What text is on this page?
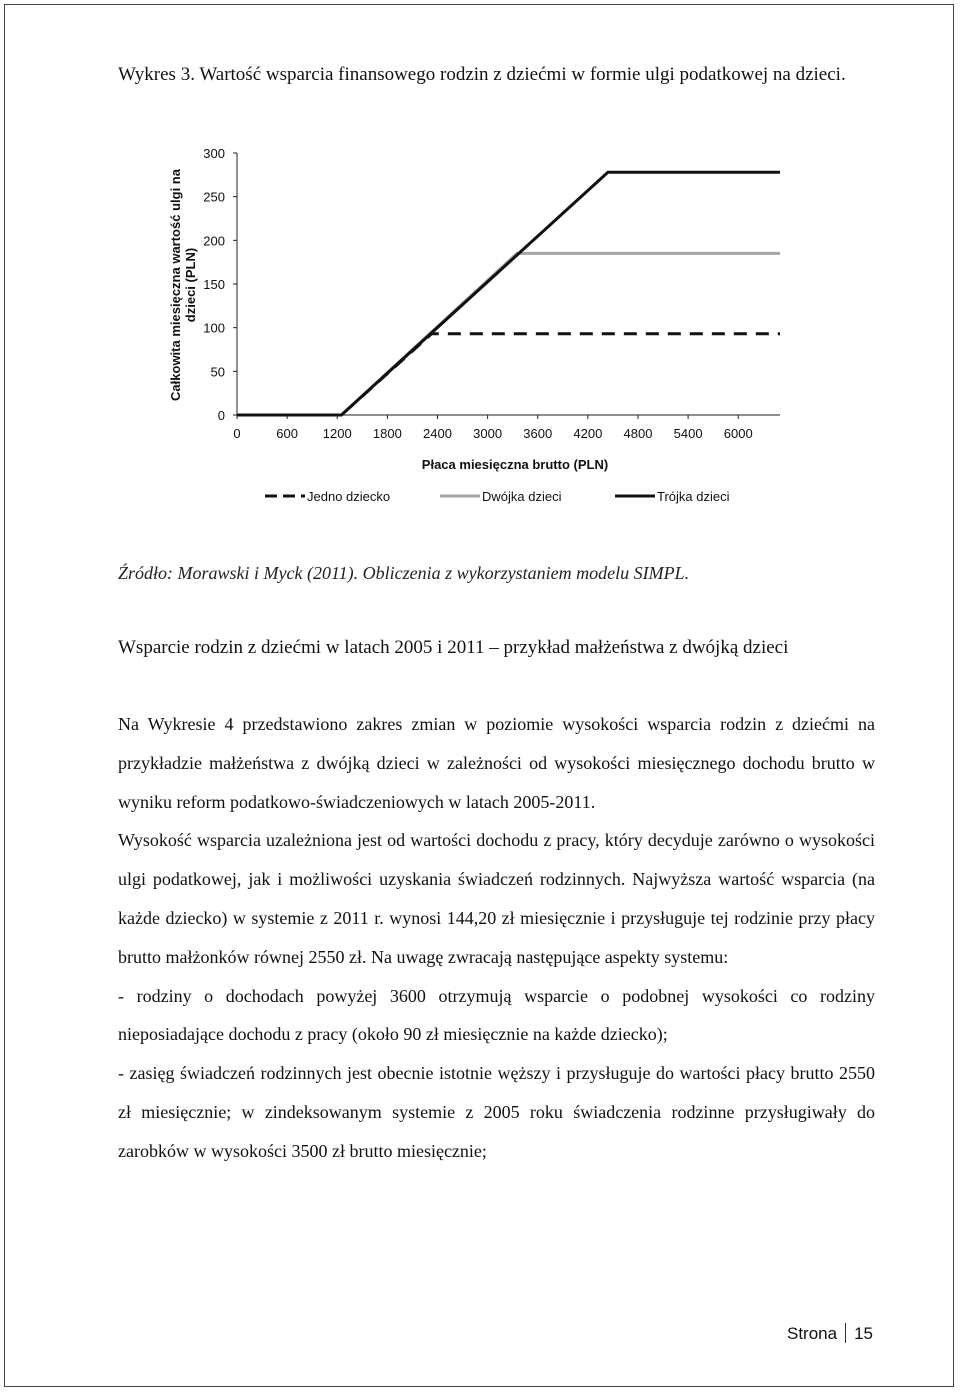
Wykres 3. Wartość wsparcia finansowego rodzin z dziećmi w formie ulgi podatkowej na dzieci.
Całkowita miesięczna wartość ulgi na dzieci (PLN)
0
50
100
150
200
250
300
0	600 1200 1800 2400 3000 3600 4200 4800 5400 6000
Płaca miesięczna brutto (PLN)
Jedno dziecko	Dwójka dzieci	Trójka dzieci
Źródło: Morawski i Myck (2011). Obliczenia z wykorzystaniem modelu SIMPL.
Wsparcie rodzin z dziećmi w latach 2005 i 2011 – przykład małżeństwa z dwójką dzieci

Na Wykresie 4 przedstawiono zakres zmian w poziomie wysokości wsparcia rodzin z dziećmi na przykładzie małżeństwa z dwójką dzieci w zależności od wysokości miesięcznego dochodu brutto w wyniku reform podatkowo-świadczeniowych w latach 2005-2011.

Wysokość wsparcia uzależniona jest od wartości dochodu z pracy, który decyduje zarówno o wysokości ulgi podatkowej, jak i możliwości uzyskania świadczeń rodzinnych. Najwyższa wartość wsparcia (na każde dziecko) w systemie z 2011 r. wynosi 144,20 zł miesięcznie i przysługuje tej rodzinie przy płacy brutto małżonków równej 2550 zł. Na uwagę zwracają następujące aspekty systemu:

- rodziny o dochodach powyżej 3600 otrzymują wsparcie o podobnej wysokości co rodziny nieposiadające dochodu z pracy (około 90 zł miesięcznie na każde dziecko);

- zasięg świadczeń rodzinnych jest obecnie istotnie węższy i przysługuje do wartości płacy brutto 2550 zł miesięcznie; w zindeksowanym systemie z 2005 roku świadczenia rodzinne przysługiwały do zarobków w wysokości 3500 zł brutto miesięcznie;

Strona 15
